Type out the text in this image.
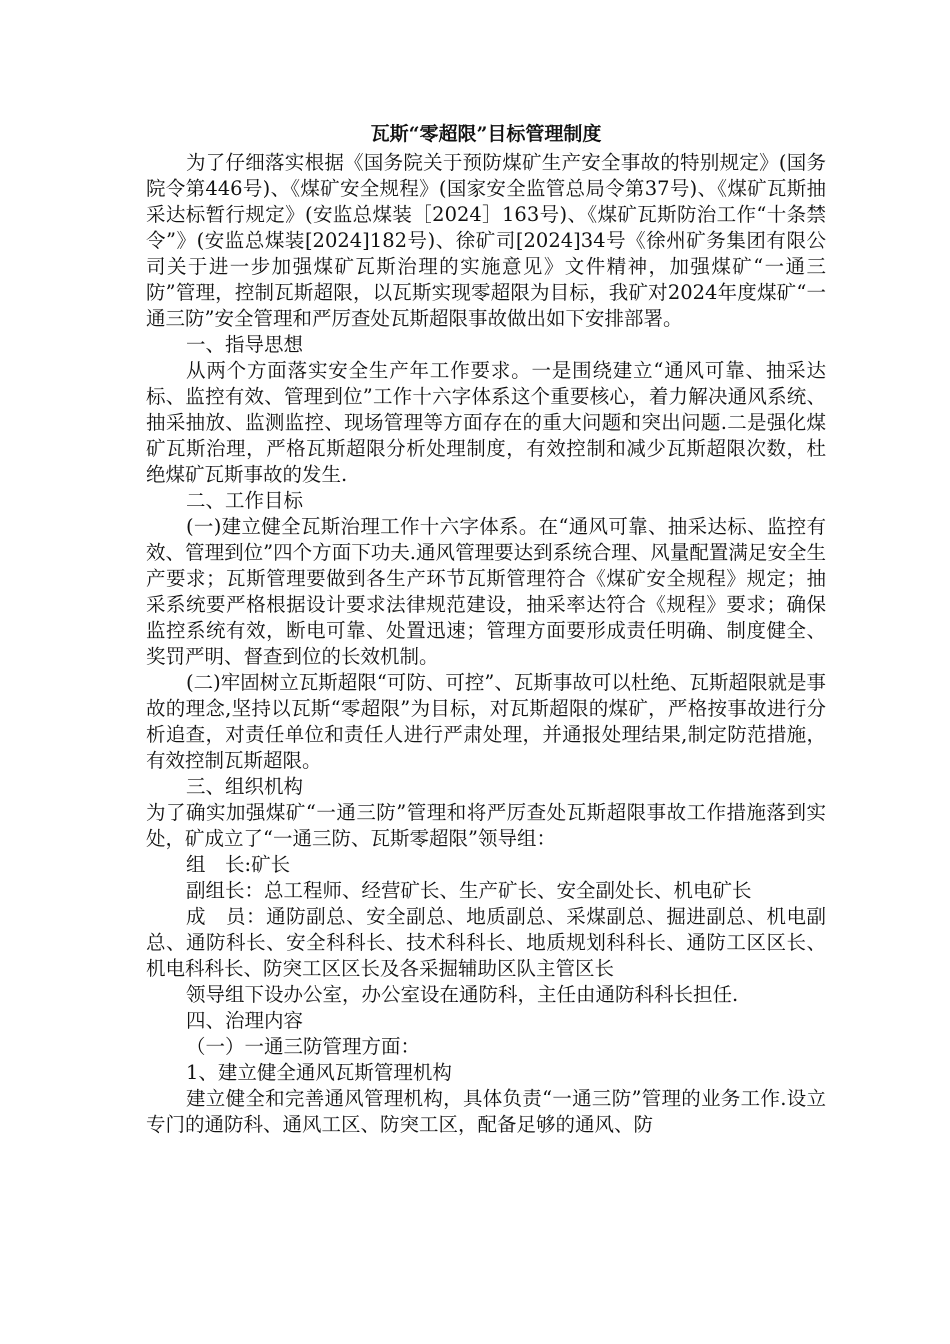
瓦斯“零超限”目标管理制度

为了仔细落实根据《国务院关于预防煤矿生产安全事故的特别规定》(国务院令第446号)、《煤矿安全规程》(国家安全监管总局令第37号)、《煤矿瓦斯抽采达标暂行规定》(安监总煤装［2024］163号)、《煤矿瓦斯防治工作“十条禁令”》(安监总煤装[2024]182号)、徐矿司[2024]34号《徐州矿务集团有限公司关于进一步加强煤矿瓦斯治理的实施意见》文件精神，加强煤矿“一通三防”管理，控制瓦斯超限，以瓦斯实现零超限为目标，我矿对2024年度煤矿“一通三防”安全管理和严厉查处瓦斯超限事故做出如下安排部署。

一、指导思想

从两个方面落实安全生产年工作要求。一是围绕建立“通风可靠、抽采达标、监控有效、管理到位”工作十六字体系这个重要核心，着力解决通风系统、抽采抽放、监测监控、现场管理等方面存在的重大问题和突出问题.二是强化煤矿瓦斯治理，严格瓦斯超限分析处理制度，有效控制和减少瓦斯超限次数，杜绝煤矿瓦斯事故的发生.

二、工作目标

(一)建立健全瓦斯治理工作十六字体系。在“通风可靠、抽采达标、监控有效、管理到位”四个方面下功夫.通风管理要达到系统合理、风量配置满足安全生产要求；瓦斯管理要做到各生产环节瓦斯管理符合《煤矿安全规程》规定；抽采系统要严格根据设计要求法律规范建设，抽采率达符合《规程》要求；确保监控系统有效，断电可靠、处置迅速；管理方面要形成责任明确、制度健全、奖罚严明、督查到位的长效机制。

(二)牢固树立瓦斯超限“可防、可控”、瓦斯事故可以杜绝、瓦斯超限就是事故的理念,坚持以瓦斯“零超限”为目标，对瓦斯超限的煤矿，严格按事故进行分析追查，对责任单位和责任人进行严肃处理，并通报处理结果,制定防范措施，有效控制瓦斯超限。

三、组织机构

为了确实加强煤矿“一通三防”管理和将严厉查处瓦斯超限事故工作措施落到实处，矿成立了“一通三防、瓦斯零超限”领导组：

组　长:矿长

副组长：总工程师、经营矿长、生产矿长、安全副处长、机电矿长

成　员：通防副总、安全副总、地质副总、采煤副总、掘进副总、机电副总、通防科长、安全科科长、技术科科长、地质规划科科长、通防工区区长、机电科科长、防突工区区长及各采掘辅助区队主管区长

领导组下设办公室，办公室设在通防科，主任由通防科科长担任.

四、治理内容

（一）一通三防管理方面：

1、建立健全通风瓦斯管理机构

建立健全和完善通风管理机构，具体负责“一通三防”管理的业务工作.设立专门的通防科、通风工区、防突工区，配备足够的通风、防
